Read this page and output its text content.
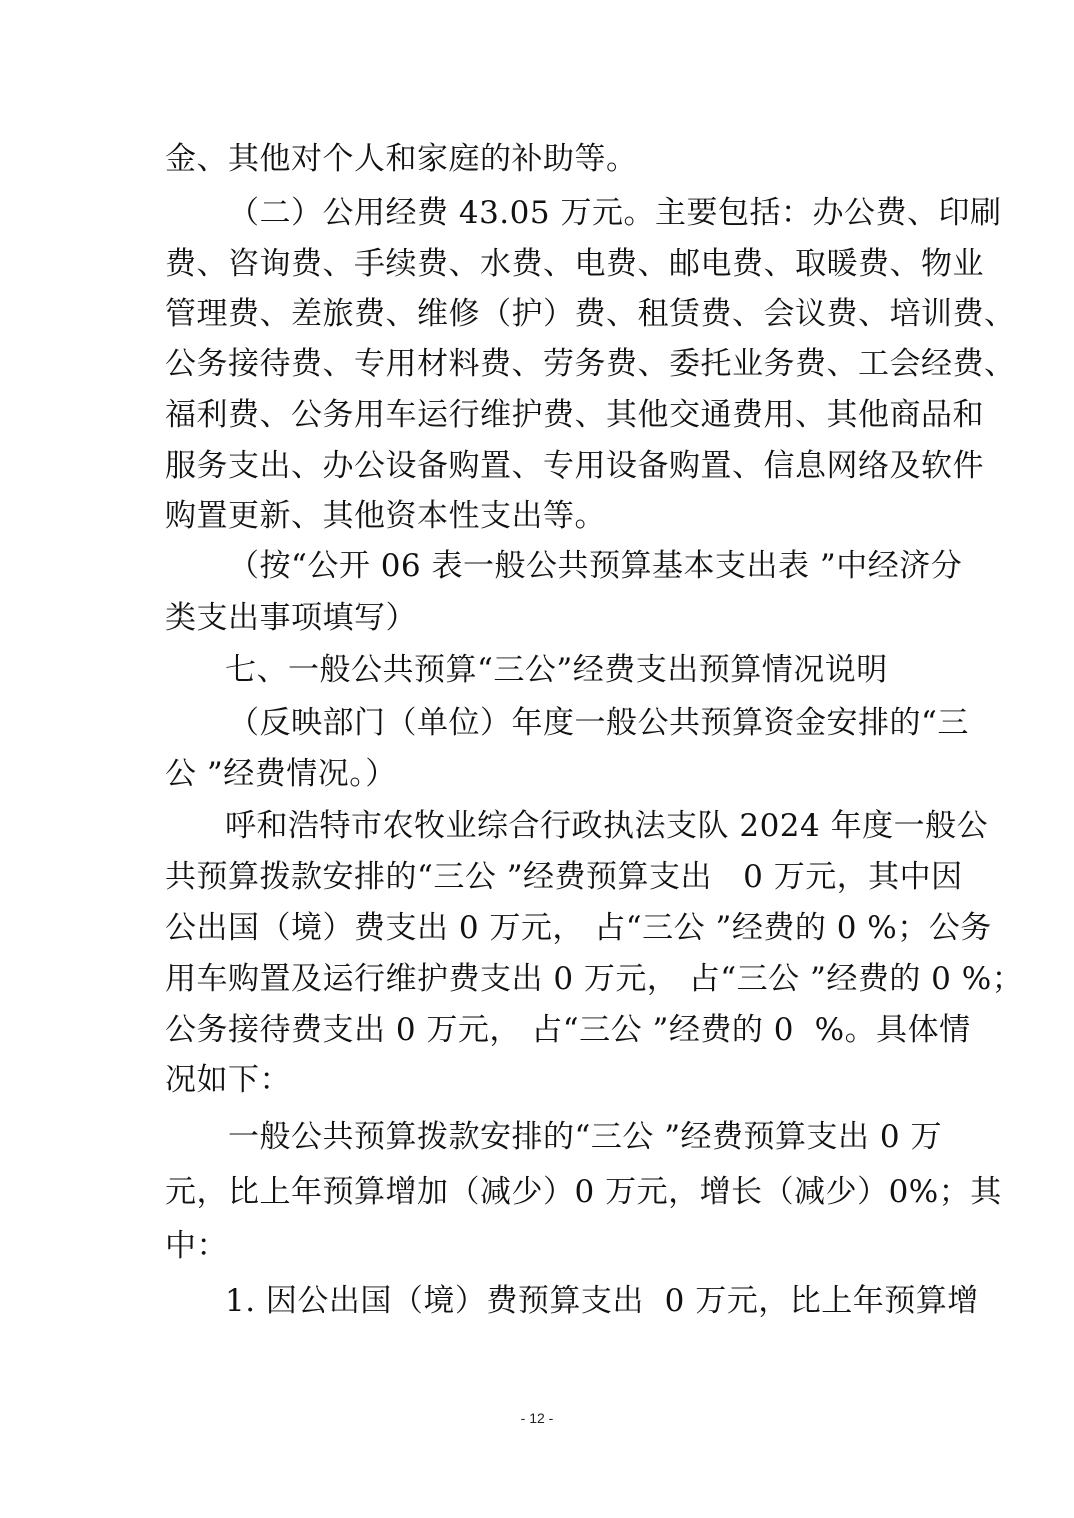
金、其他对个人和家庭的补助等。
（二）公用经费 43.05 万元。主要包括：办公费、印刷
费、咨询费、手续费、水费、电费、邮电费、取暖费、物业
管理费、差旅费、维修（护）费、租赁费、会议费、培训费、
公务接待费、专用材料费、劳务费、委托业务费、工会经费、
福利费、公务用车运行维护费、其他交通费用、其他商品和
服务支出、办公设备购置、专用设备购置、信息网络及软件
购置更新、其他资本性支出等。
（按“公开 06 表一般公共预算基本支出表 ”中经济分
类支出事项填写）
七、一般公共预算“三公”经费支出预算情况说明
（反映部门（单位）年度一般公共预算资金安排的“三
公 ”经费情况。）
呼和浩特市农牧业综合行政执法支队 2024 年度一般公
共预算拨款安排的“三公 ”经费预算支出   0 万元，其中因
公出国（境）费支出 0 万元， 占“三公 ”经费的 0 %；公务
用车购置及运行维护费支出 0 万元， 占“三公 ”经费的 0 %；
公务接待费支出 0 万元， 占“三公 ”经费的 0  %。具体情
况如下：
一般公共预算拨款安排的“三公 ”经费预算支出 0 万
元，比上年预算增加（减少）0 万元，增长（减少）0%；其
中：
1. 因公出国（境）费预算支出  0 万元，比上年预算增
- 12 -
